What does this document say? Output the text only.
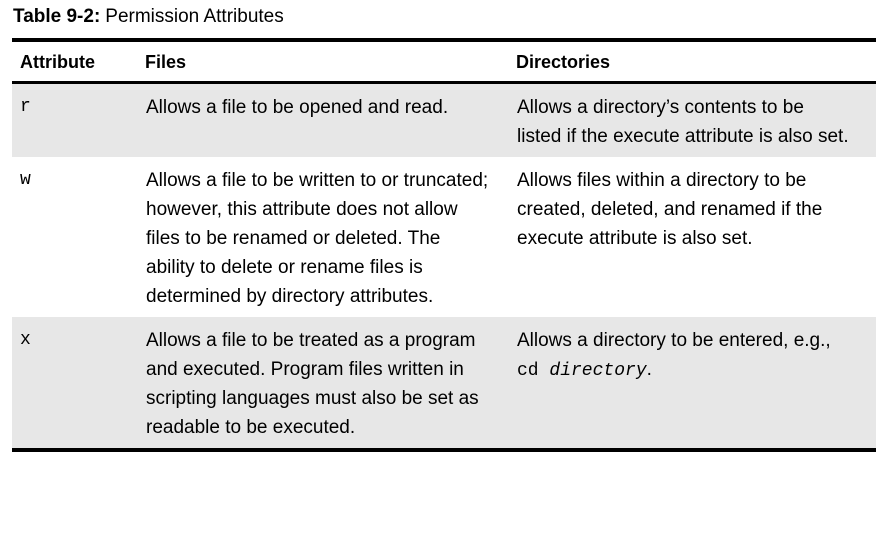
Table 9-2: Permission Attributes
Attribute	Files	Directories
r	Allows a file to be opened and read.	Allows a directory’s contents to be listed if the execute attribute is also set.
w	Allows a file to be written to or truncated; however, this attribute does not allow files to be renamed or deleted. The ability to delete or rename files is determined by directory attributes.	Allows files within a directory to be created, deleted, and renamed if the execute attribute is also set.
x	Allows a file to be treated as a program and executed. Program files written in scripting languages must also be set as readable to be executed.	Allows a directory to be entered, e.g., cd directory.
